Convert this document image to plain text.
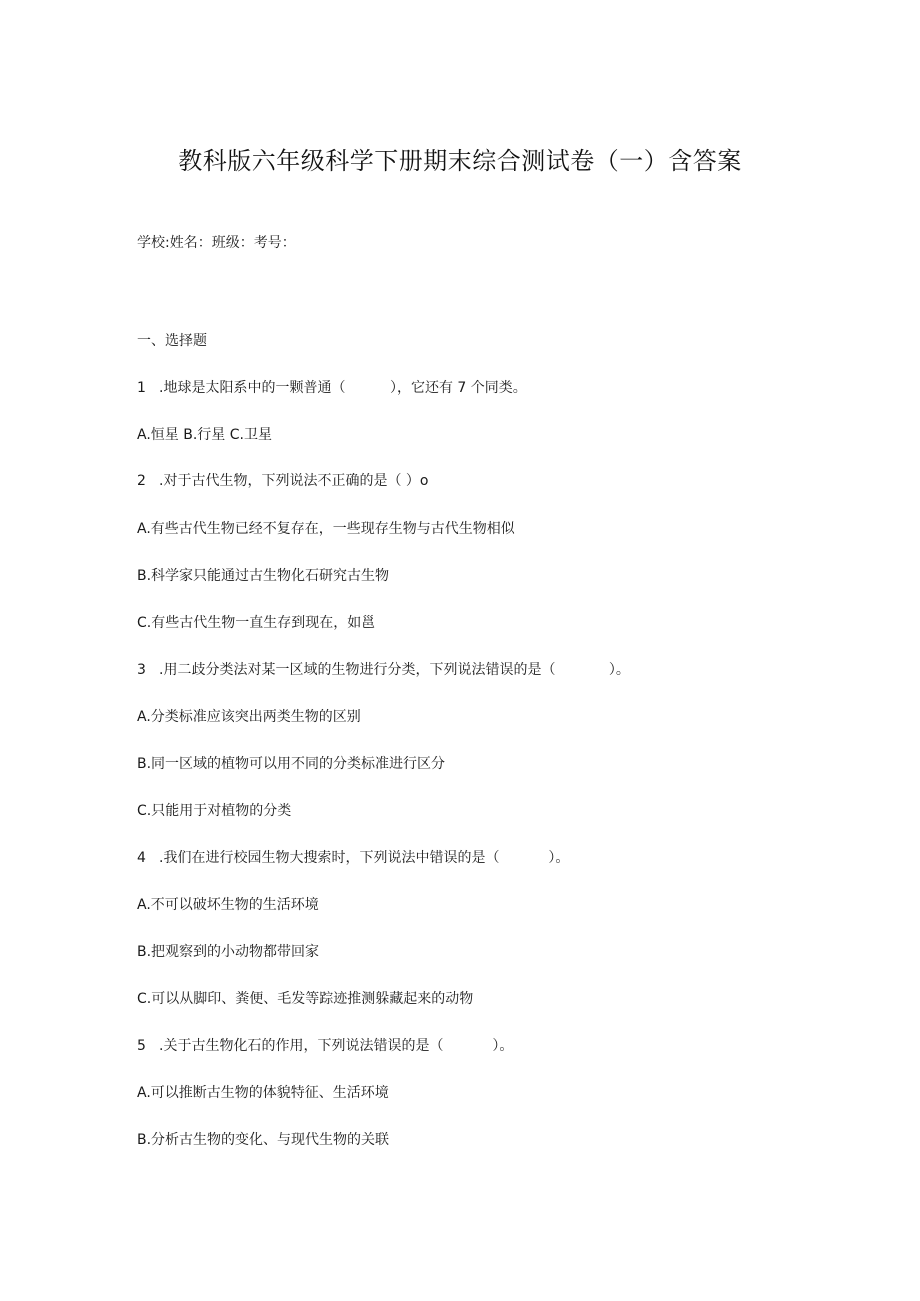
教科版六年级科学下册期末综合测试卷（一）含答案
学校:姓名：班级：考号：
一、选择题
1 .地球是太阳系中的一颗普通（          ），它还有 7 个同类。
A.恒星 B.行星 C.卫星
2 .对于古代生物，下列说法不正确的是（ ）o
A.有些古代生物已经不复存在，一些现存生物与古代生物相似
B.科学家只能通过古生物化石研究古生物
C.有些古代生物一直生存到现在，如邕
3 .用二歧分类法对某一区域的生物进行分类，下列说法错误的是（            ）。
A.分类标准应该突出两类生物的区别
B.同一区域的植物可以用不同的分类标准进行区分
C.只能用于对植物的分类
4 .我们在进行校园生物大搜索时，下列说法中错误的是（           ）。
A.不可以破坏生物的生活环境
B.把观察到的小动物都带回家
C.可以从脚印、粪便、毛发等踪迹推测躲藏起来的动物
5 .关于古生物化石的作用，下列说法错误的是（           ）。
A.可以推断古生物的体貌特征、生活环境
B.分析古生物的变化、与现代生物的关联
